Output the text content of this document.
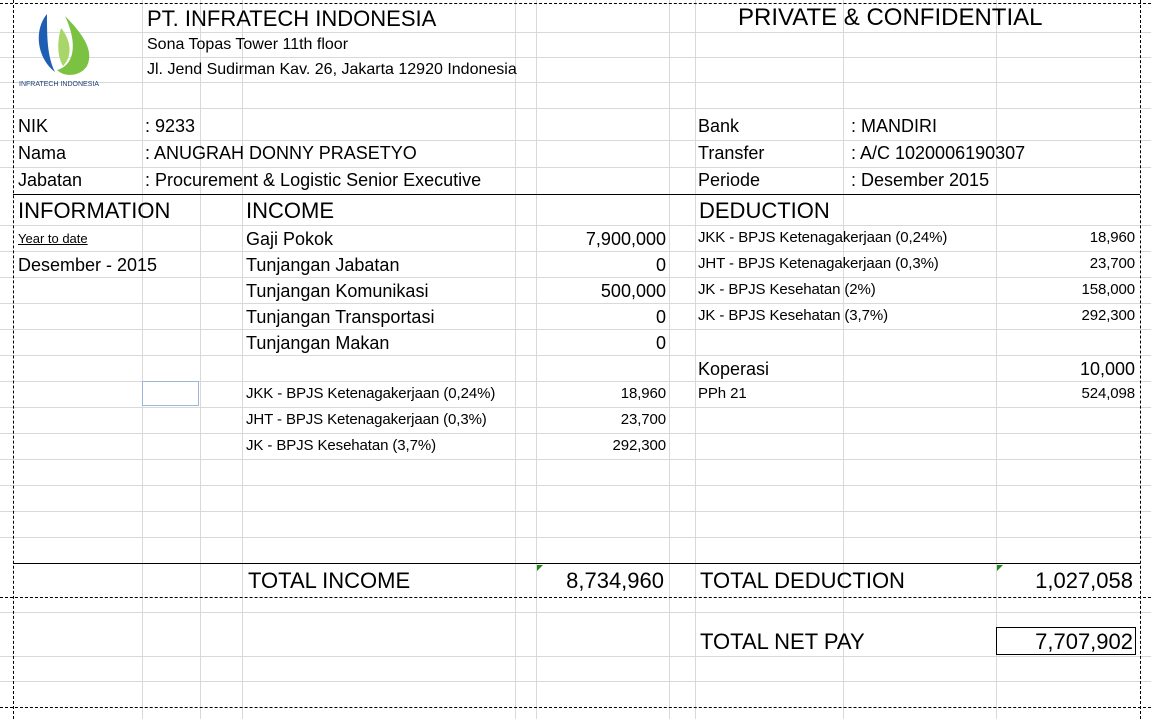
INFRATECH INDONESIA
PT. INFRATECH INDONESIA
Sona Topas Tower 11th floor
Jl. Jend Sudirman Kav. 26, Jakarta 12920 Indonesia
PRIVATE & CONFIDENTIAL
NIK	: 9233
Nama	: ANUGRAH DONNY PRASETYO
Jabatan	: Procurement & Logistic Senior Executive
Bank	: MANDIRI
Transfer	: A/C 1020006190307
Periode	: Desember 2015
INFORMATION	INCOME	DEDUCTION
Year to date
Desember - 2015
Gaji Pokok	7,900,000
Tunjangan Jabatan	0
Tunjangan Komunikasi	500,000
Tunjangan Transportasi	0
Tunjangan Makan	0
JKK - BPJS Ketenagakerjaan (0,24%)	18,960
JHT - BPJS Ketenagakerjaan (0,3%)	23,700
JK - BPJS Kesehatan (3,7%)	292,300
JKK - BPJS Ketenagakerjaan (0,24%)	18,960
JHT - BPJS Ketenagakerjaan (0,3%)	23,700
JK - BPJS Kesehatan (2%)	158,000
JK - BPJS Kesehatan (3,7%)	292,300
Koperasi	10,000
PPh 21	524,098
TOTAL INCOME	8,734,960 TOTAL DEDUCTION	1,027,058
TOTAL NET PAY	7,707,902
